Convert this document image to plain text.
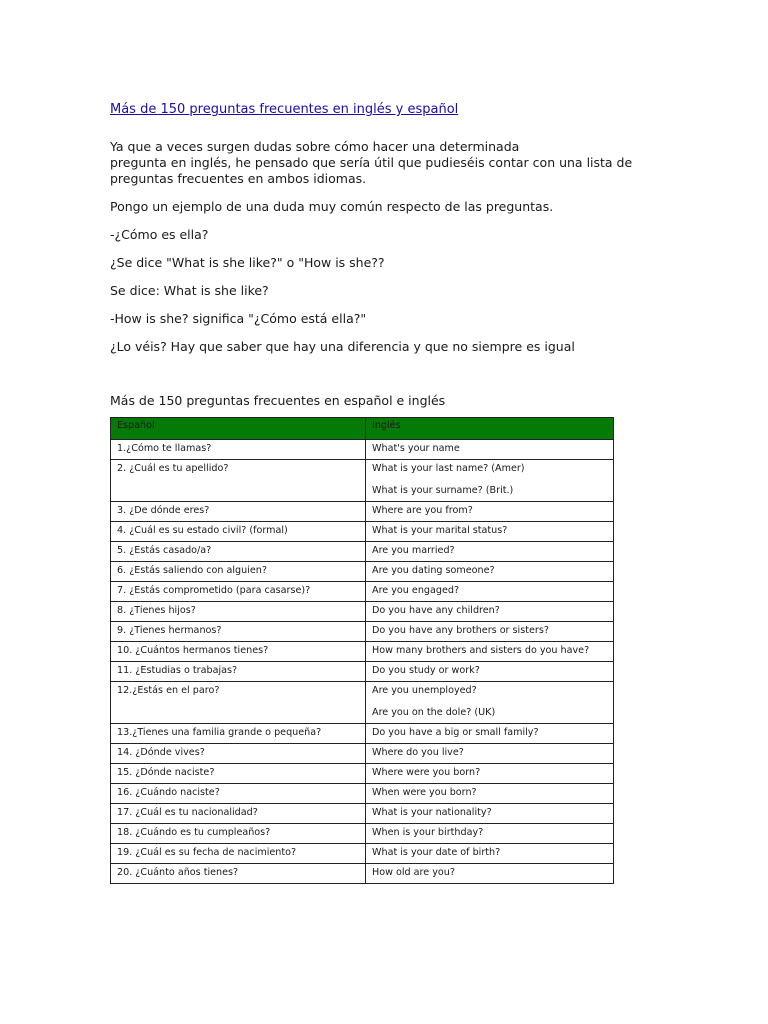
Más de 150 preguntas frecuentes en inglés y español

Ya que a veces surgen dudas sobre cómo hacer una determinada
pregunta en inglés, he pensado que sería útil que pudieséis contar con una lista de
preguntas frecuentes en ambos idiomas.

Pongo un ejemplo de una duda muy común respecto de las preguntas.

-¿Cómo es ella?

¿Se dice "What is she like?" o "How is she??

Se dice: What is she like?

-How is she? significa "¿Cómo está ella?"

¿Lo véis? Hay que saber que hay una diferencia y que no siempre es igual

Más de 150 preguntas frecuentes en español e inglés

Español	Inglés
1.¿Cómo te llamas?	What's your name

2. ¿Cuál es tu apellido?	What is your last name? (Amer)
What is your surname? (Brit.)

3. ¿De dónde eres?	Where are you from?

4. ¿Cuál es su estado civil? (formal)	What is your marital status?

5. ¿Estás casado/a?	Are you married?

6. ¿Estás saliendo con alguien?	Are you dating someone?

7. ¿Estás comprometido (para casarse)?	Are you engaged?

8. ¿Tienes hijos?	Do you have any children?

9. ¿Tienes hermanos?	Do you have any brothers or sisters?

10. ¿Cuántos hermanos tienes?	How many brothers and sisters do you have?

11. ¿Estudias o trabajas?	Do you study or work?

12.¿Estás en el paro?	Are you unemployed?
Are you on the dole? (UK)

13.¿Tienes una familia grande o pequeña?	Do you have a big or small family?

14. ¿Dónde vives?	Where do you live?

15. ¿Dónde naciste?	Where were you born?

16. ¿Cuándo naciste?	When were you born?

17. ¿Cuál es tu nacionalidad?	What is your nationality?

18. ¿Cuándo es tu cumpleaños?	When is your birthday?

19. ¿Cuál es su fecha de nacimiento?	What is your date of birth?

20. ¿Cuánto años tienes?	How old are you?
